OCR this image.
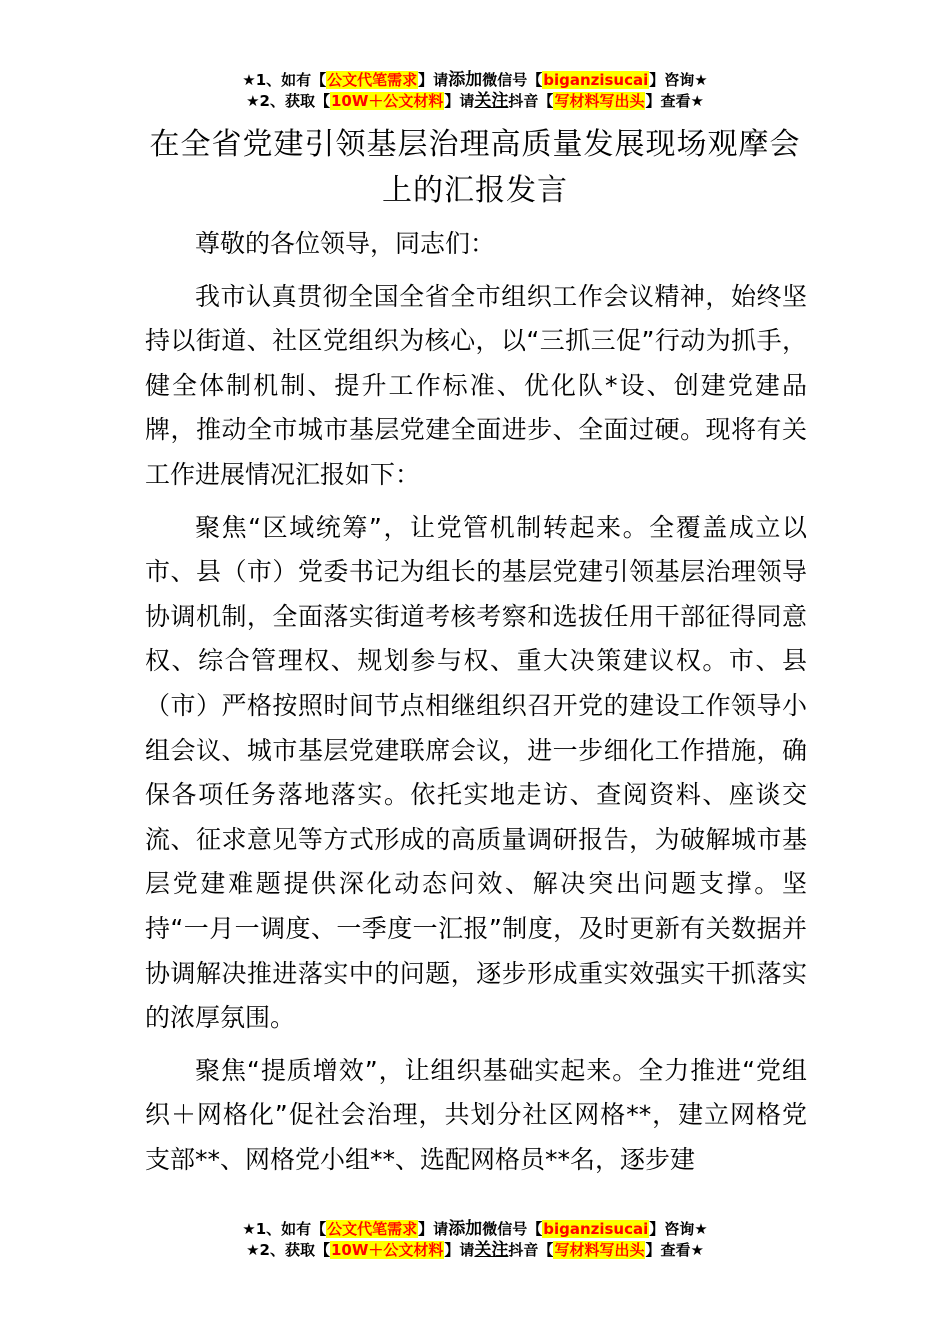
★1、如有【公文代笔需求】请添加微信号【biganzisucai】咨询★
★2、获取【10W＋公文材料】请关注抖音【写材料写出头】查看★
在全省党建引领基层治理高质量发展现场观摩会上的汇报发言

尊敬的各位领导，同志们：

我市认真贯彻全国全省全市组织工作会议精神，始终坚持以街道、社区党组织为核心，以“三抓三促”行动为抓手，健全体制机制、提升工作标准、优化队*设、创建党建品牌，推动全市城市基层党建全面进步、全面过硬。现将有关工作进展情况汇报如下：

聚焦“区域统筹”，让党管机制转起来。全覆盖成立以市、县（市）党委书记为组长的基层党建引领基层治理领导协调机制，全面落实街道考核考察和选拔任用干部征得同意权、综合管理权、规划参与权、重大决策建议权。市、县（市）严格按照时间节点相继组织召开党的建设工作领导小组会议、城市基层党建联席会议，进一步细化工作措施，确保各项任务落地落实。依托实地走访、查阅资料、座谈交流、征求意见等方式形成的高质量调研报告，为破解城市基层党建难题提供深化动态问效、解决突出问题支撑。坚持“一月一调度、一季度一汇报”制度，及时更新有关数据并协调解决推进落实中的问题，逐步形成重实效强实干抓落实的浓厚氛围。

聚焦“提质增效”，让组织基础实起来。全力推进“党组织＋网格化”促社会治理，共划分社区网格**，建立网格党支部**、网格党小组**、选配网格员**名，逐步建

★1、如有【公文代笔需求】请添加微信号【biganzisucai】咨询★
★2、获取【10W＋公文材料】请关注抖音【写材料写出头】查看★
